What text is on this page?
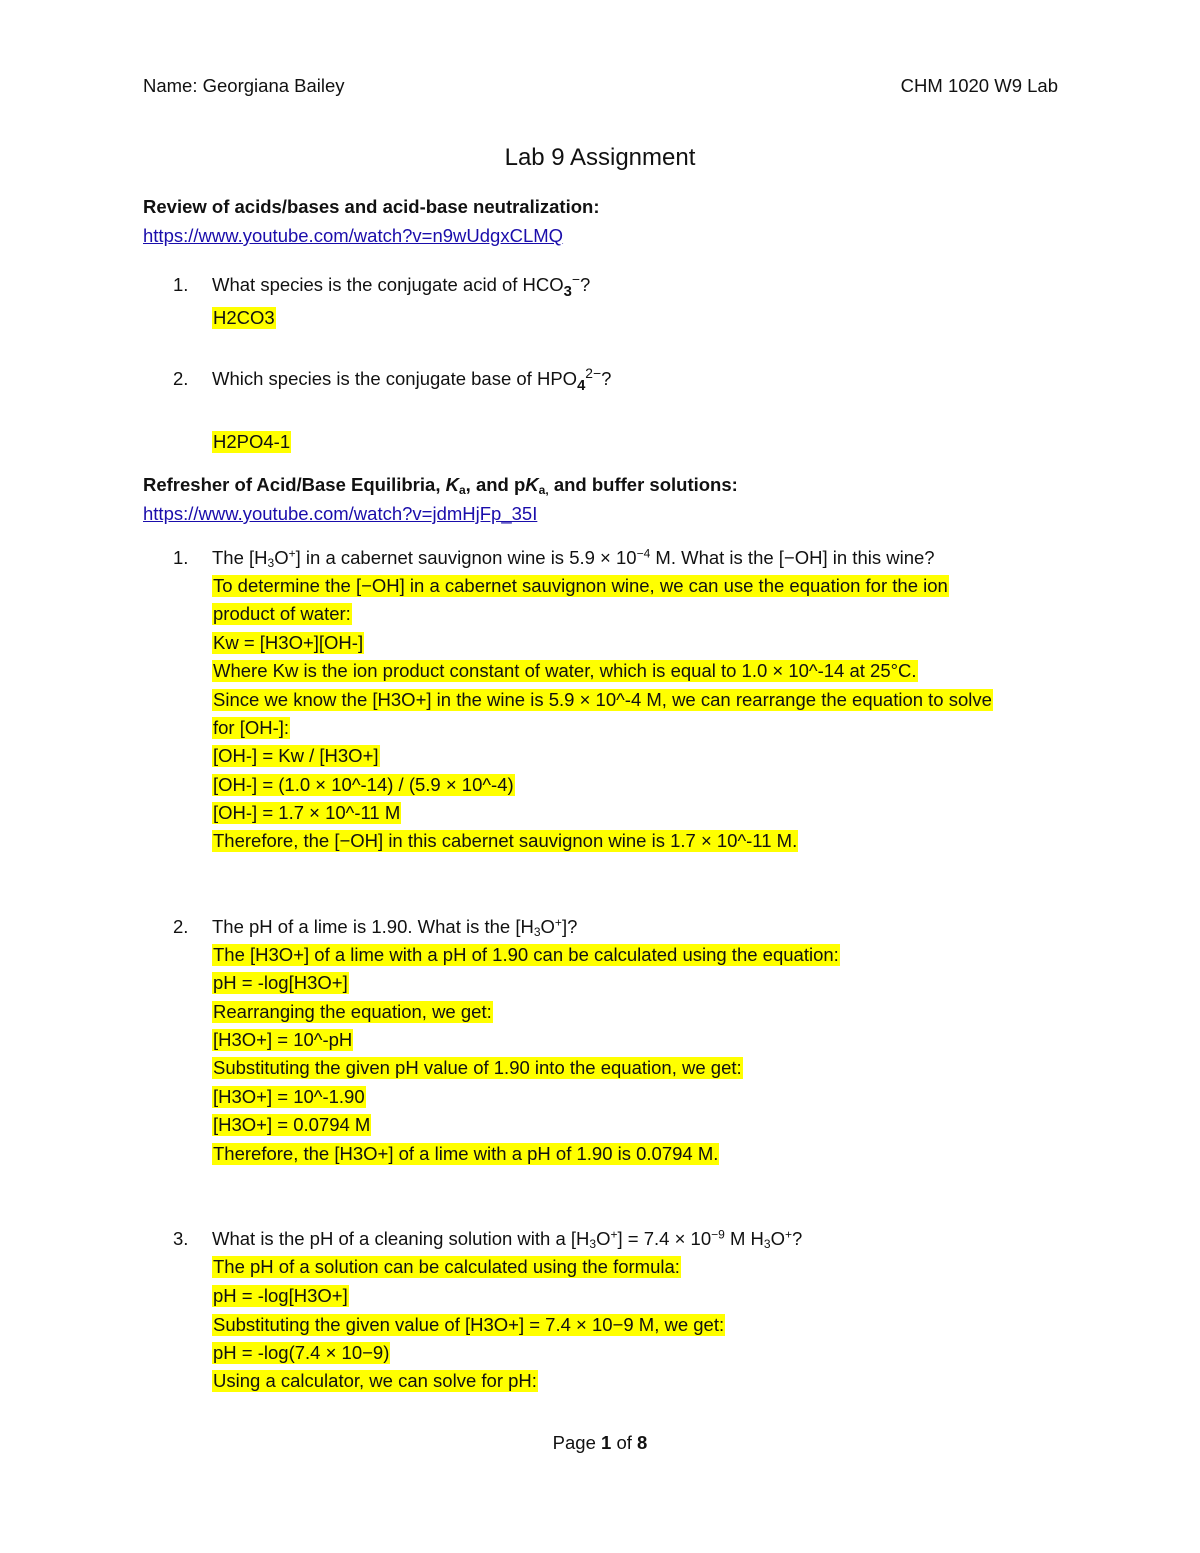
Name: Georgiana Bailey	CHM 1020 W9 Lab
Lab 9 Assignment
Review of acids/bases and acid-base neutralization:
https://www.youtube.com/watch?v=n9wUdgxCLMQ
1. What species is the conjugate acid of $HCO_3^-$?
H2CO3
2. Which species is the conjugate base of $HPO_4^{2-}$?
H2PO4-1
Refresher of Acid/Base Equilibria, $K_a$, and $pK_{a,}$ and buffer solutions:
https://www.youtube.com/watch?v=jdmHjFp_35I
1. The $[H_3O^+]$ in a cabernet sauvignon wine is $5.9 \times 10^{-4}$ M. What is the [−OH] in this wine?
To determine the [−OH] in a cabernet sauvignon wine, we can use the equation for the ion
product of water:
Kw = [H3O+][OH-]
Where Kw is the ion product constant of water, which is equal to 1.0 × 10^-14 at 25°C.
Since we know the [H3O+] in the wine is 5.9 × 10^-4 M, we can rearrange the equation to solve
for [OH-]:
[OH-] = Kw / [H3O+]
[OH-] = (1.0 × 10^-14) / (5.9 × 10^-4)
[OH-] = 1.7 × 10^-11 M
Therefore, the [−OH] in this cabernet sauvignon wine is 1.7 × 10^-11 M.
2. The pH of a lime is 1.90. What is the $[H_3O^+]$?
The [H3O+] of a lime with a pH of 1.90 can be calculated using the equation:
pH = -log[H3O+]
Rearranging the equation, we get:
[H3O+] = 10^-pH
Substituting the given pH value of 1.90 into the equation, we get:
[H3O+] = 10^-1.90
[H3O+] = 0.0794 M
Therefore, the [H3O+] of a lime with a pH of 1.90 is 0.0794 M.
3. What is the pH of a cleaning solution with a $[H_3O^+] = 7.4 \times 10^{-9}$ M $H_3O^+$?
The pH of a solution can be calculated using the formula:
pH = -log[H3O+]
Substituting the given value of [H3O+] = 7.4 × 10−9 M, we get:
pH = -log(7.4 × 10−9)
Using a calculator, we can solve for pH:
Page 1 of 8
